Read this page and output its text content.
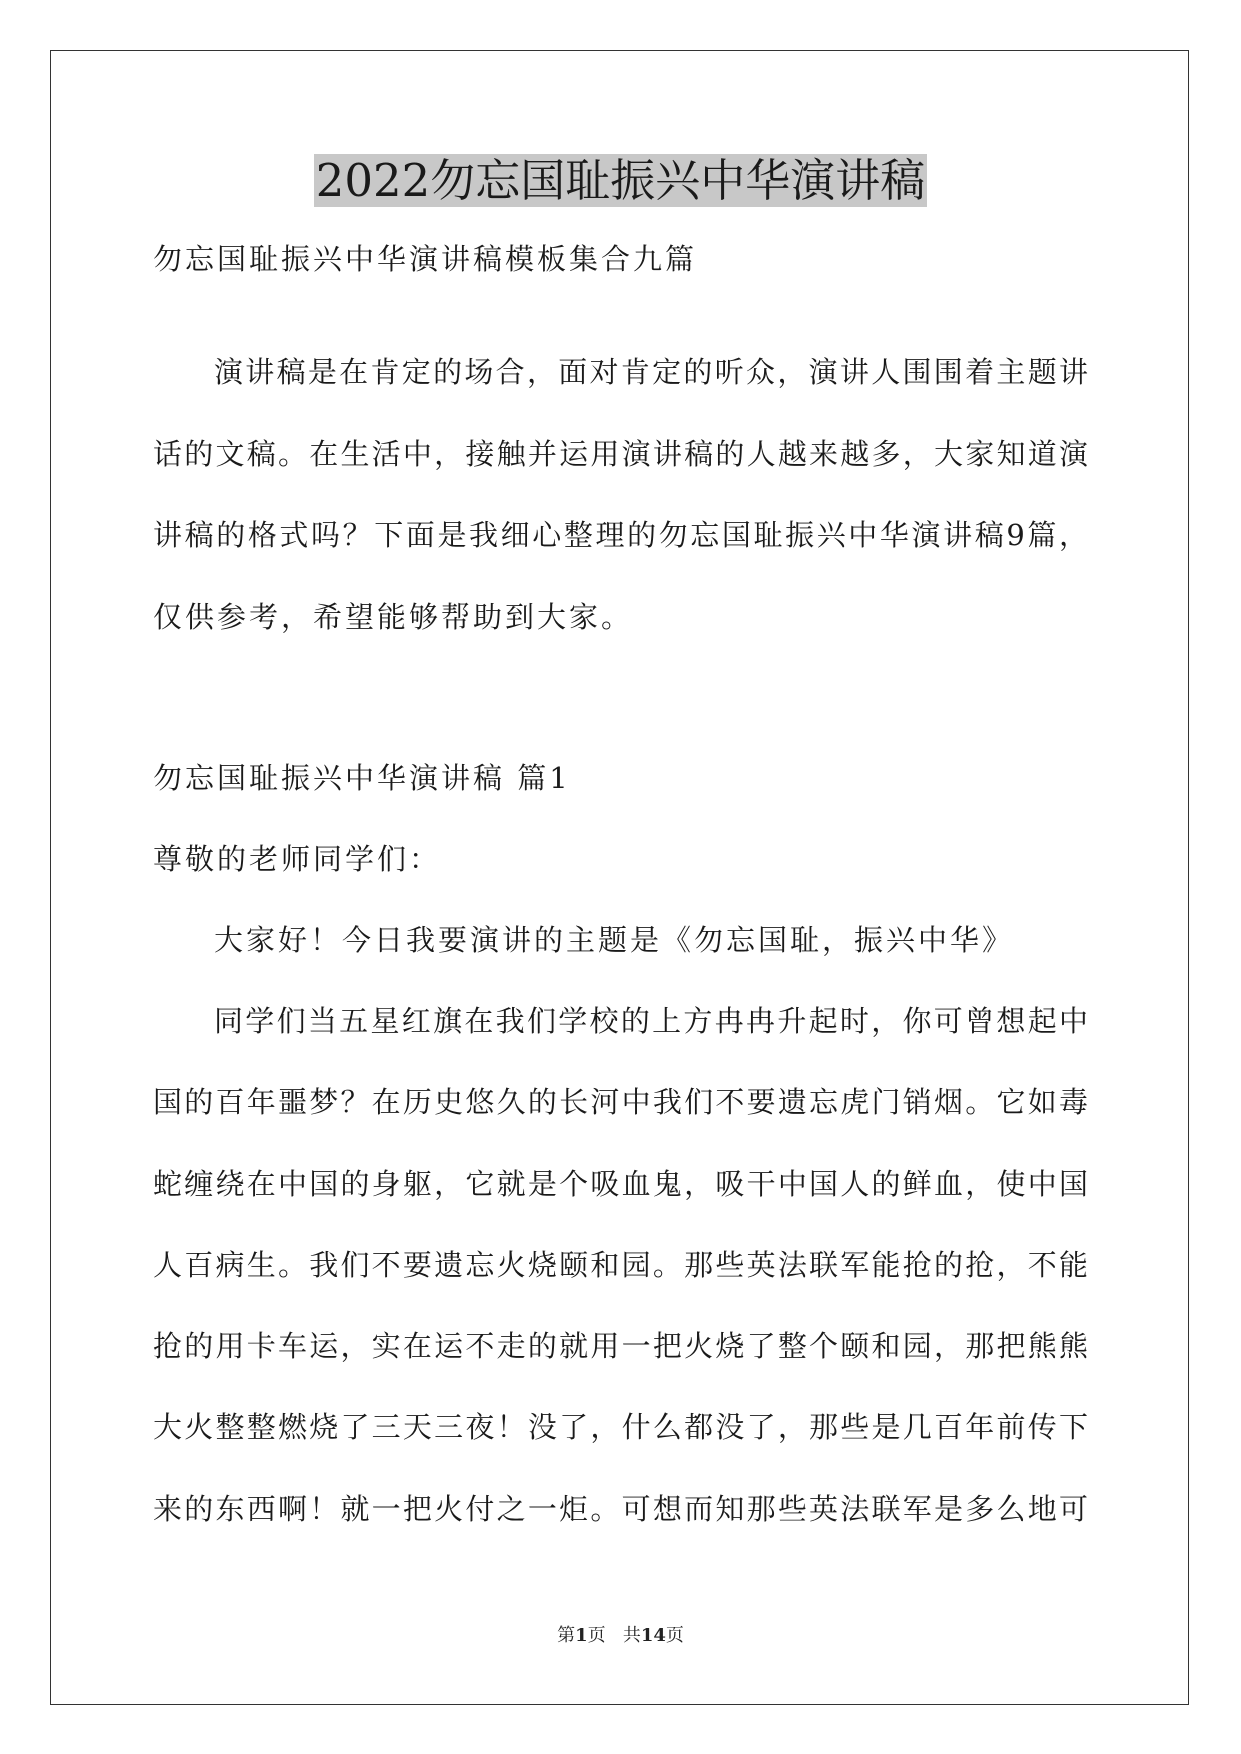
2022勿忘国耻振兴中华演讲稿
勿忘国耻振兴中华演讲稿模板集合九篇
演讲稿是在肯定的场合，面对肯定的听众，演讲人围围着主题讲
话的文稿。在生活中，接触并运用演讲稿的人越来越多，大家知道演
讲稿的格式吗？下面是我细心整理的勿忘国耻振兴中华演讲稿9篇，
仅供参考，希望能够帮助到大家。
勿忘国耻振兴中华演讲稿 篇1
尊敬的老师同学们：
大家好！今日我要演讲的主题是《勿忘国耻，振兴中华》
同学们当五星红旗在我们学校的上方冉冉升起时，你可曾想起中
国的百年噩梦？在历史悠久的长河中我们不要遗忘虎门销烟。它如毒
蛇缠绕在中国的身躯，它就是个吸血鬼，吸干中国人的鲜血，使中国
人百病生。我们不要遗忘火烧颐和园。那些英法联军能抢的抢，不能
抢的用卡车运，实在运不走的就用一把火烧了整个颐和园，那把熊熊
大火整整燃烧了三天三夜！没了，什么都没了，那些是几百年前传下
来的东西啊！就一把火付之一炬。可想而知那些英法联军是多么地可
第1页 共14页
